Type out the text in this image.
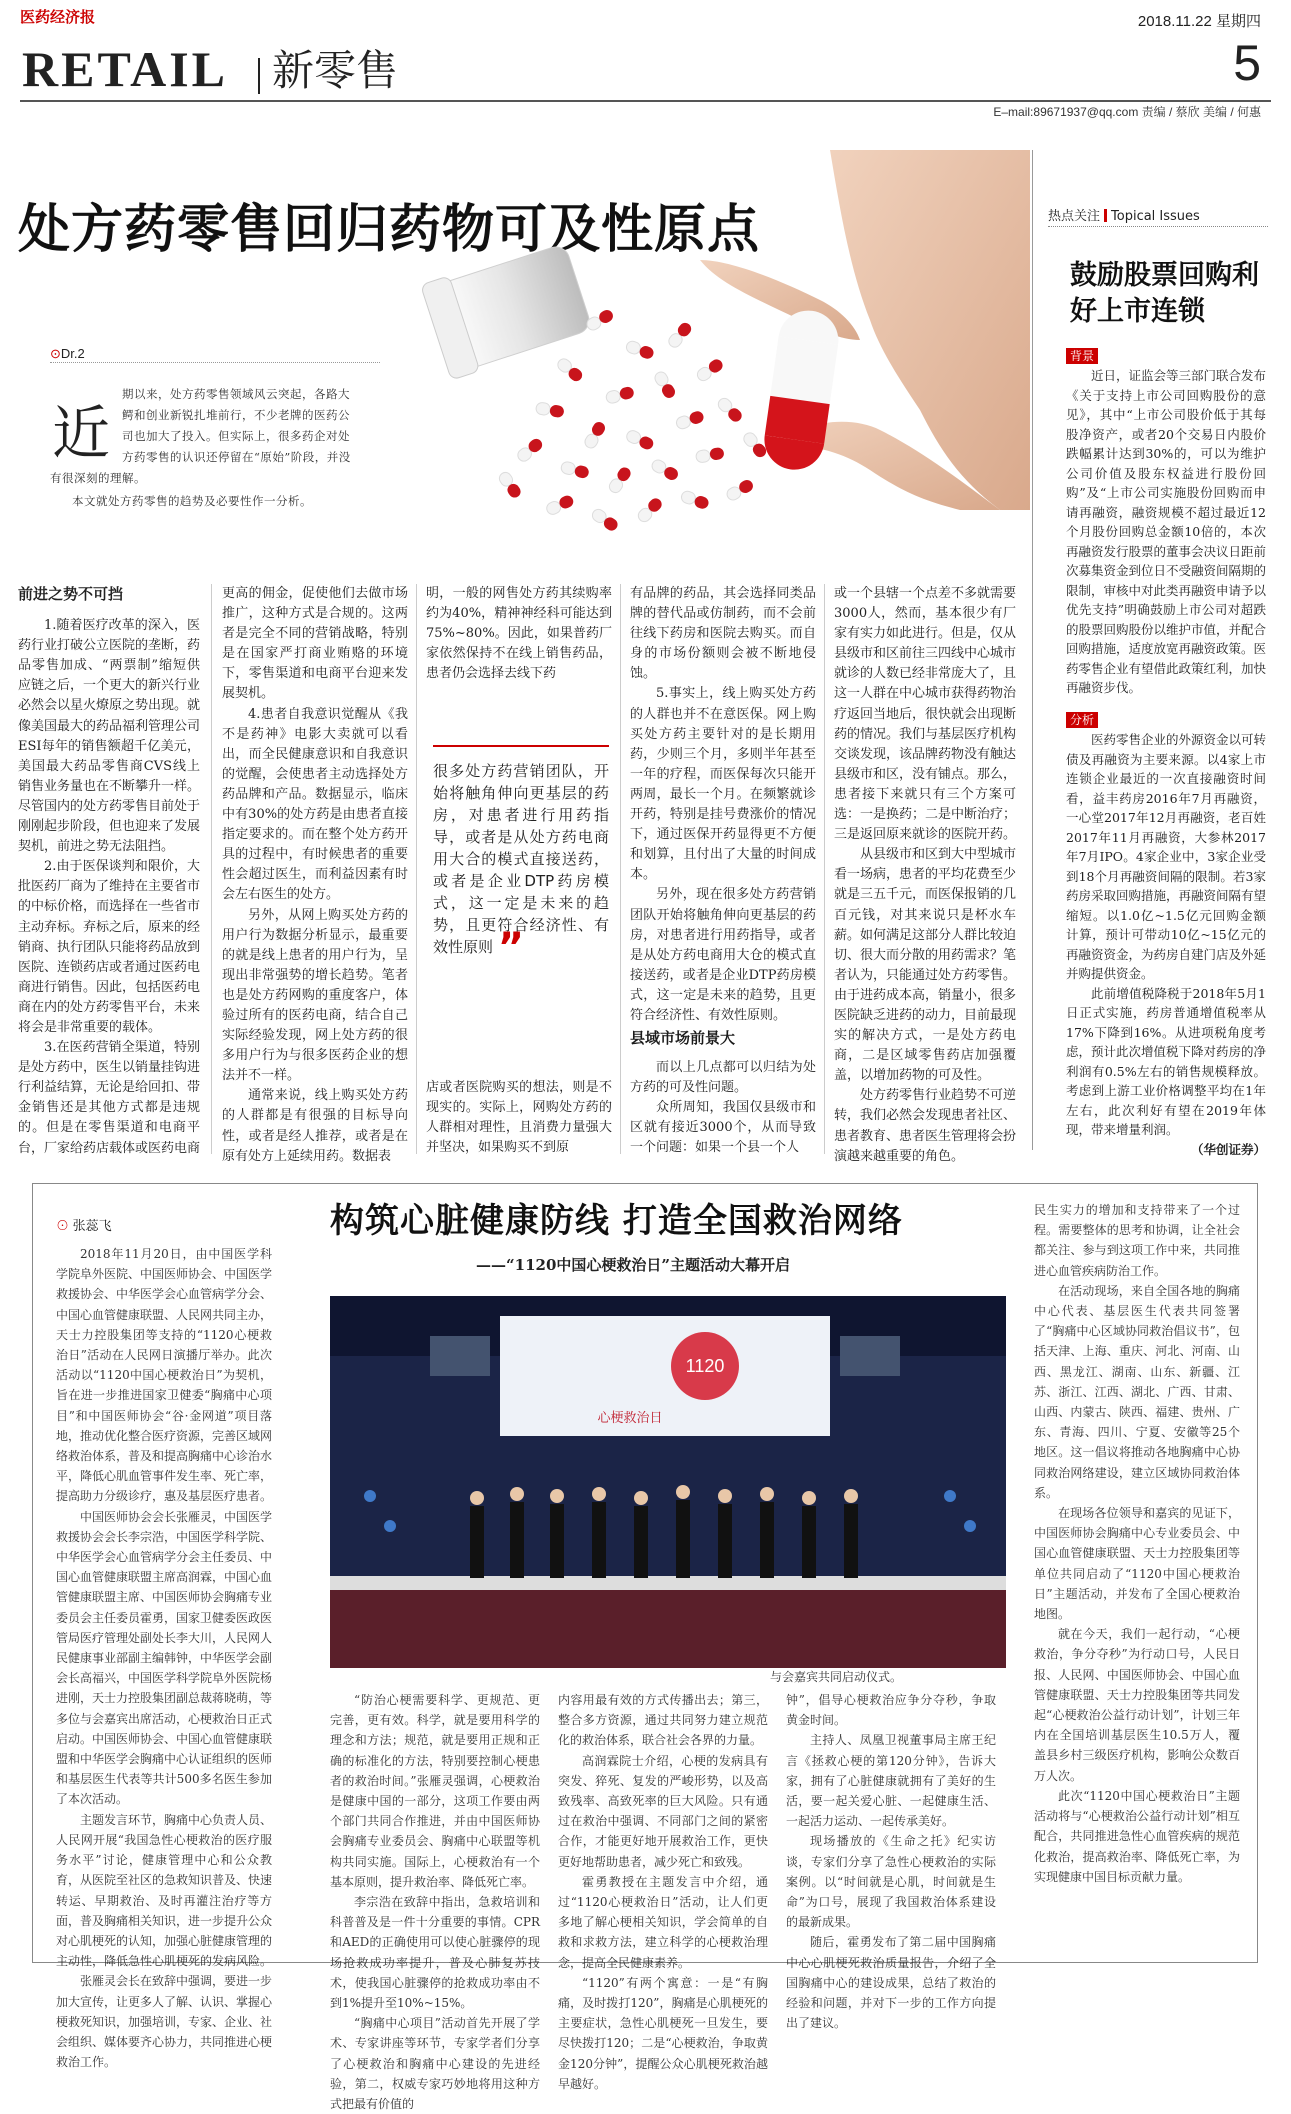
医药经济报	2018.11.22 星期四
RETAIL 新零售	5
E–mail:89671937@qq.com 责编 / 蔡欣 美编 / 何惠
处方药零售回归药物可及性原点
⊙Dr.2
近
期以来，处方药零售领域风云突起，各路大
鳄和创业新锐扎堆前行，不少老牌的医药公
司也加大了投入。但实际上，很多药企对处
方药零售的认识还停留在“原始”阶段，并没
有很深刻的理解。
本文就处方药零售的趋势及必要性作一分析。
前进之势不可挡

1.随着医疗改革的深入，医药行业打破公立医院的垄断，药品零售加成、“两票制”缩短供应链之后，一个更大的新兴行业必然会以星火燎原之势出现。就像美国最大的药品福利管理公司ESI每年的销售额超千亿美元，美国最大药品零售商CVS线上销售业务量也在不断攀升一样。尽管国内的处方药零售目前处于刚刚起步阶段，但也迎来了发展契机，前进之势无法阻挡。

2.由于医保谈判和限价，大批医药厂商为了维持在主要省市的中标价格，而选择在一些省市主动弃标。弃标之后，原来的经销商、执行团队只能将药品放到医院、连锁药店或者通过医药电商进行销售。因此，包括医药电商在内的处方药零售平台，未来将会是非常重要的载体。

3.在医药营销全渠道，特别是处方药中，医生以销量挂钩进行利益结算，无论是给回扣、带金销售还是其他方式都是违规的。但是在零售渠道和电商平台，厂家给药店载体或医药电商

更高的佣金，促使他们去做市场推广，这种方式是合规的。这两者是完全不同的营销战略，特别是在国家严打商业贿赂的环境下，零售渠道和电商平台迎来发展契机。

4.患者自我意识觉醒从《我不是药神》电影大卖就可以看出，而全民健康意识和自我意识的觉醒，会使患者主动选择处方药品牌和产品。数据显示，临床中有30%的处方药是由患者直接指定要求的。而在整个处方药开具的过程中，有时候患者的重要性会超过医生，而利益因素有时会左右医生的处方。

另外，从网上购买处方药的用户行为数据分析显示，最重要的就是线上患者的用户行为，呈现出非常强势的增长趋势。笔者也是处方药网购的重度客户，体验过所有的医药电商，结合自己实际经验发现，网上处方药的很多用户行为与很多医药企业的想法并不一样。

通常来说，线上购买处方药的人群都是有很强的目标导向性，或者是经人推荐，或者是在原有处方上延续用药。数据表

明，一般的网售处方药其续购率约为40%，精神神经科可能达到75%~80%。因此，如果普药厂家依然保持不在线上销售药品，患者仍会选择去线下药

很多处方药营销团队，开始将触角伸向更基层的药房，对患者进行用药指导，或者是从处方药电商用大合的模式直接送药，或者是企业DTP药房模式，这一定是未来的趋势，且更符合经济性、有效性原则 ”

店或者医院购买的想法，则是不现实的。实际上，网购处方药的人群相对理性，且消费力量强大并坚决，如果购买不到原

有品牌的药品，其会选择同类品牌的替代品或仿制药，而不会前往线下药房和医院去购买。而自身的市场份额则会被不断地侵蚀。

5.事实上，线上购买处方药的人群也并不在意医保。网上购买处方药主要针对的是长期用药，少则三个月，多则半年甚至一年的疗程，而医保每次只能开两周，最长一个月。在频繁就诊开药，特别是挂号费涨价的情况下，通过医保开药显得更不方便和划算，且付出了大量的时间成本。

另外，现在很多处方药营销团队开始将触角伸向更基层的药房，对患者进行用药指导，或者是从处方药电商用大仓的模式直接送药，或者是企业DTP药房模式，这一定是未来的趋势，且更符合经济性、有效性原则。

县域市场前景大

而以上几点都可以归结为处方药的可及性问题。

众所周知，我国仅县级市和区就有接近3000个，从而导致一个问题：如果一个县一个人

或一个县辖一个点差不多就需要3000人，然而，基本很少有厂家有实力如此进行。但是，仅从县级市和区前往三四线中心城市就诊的人数已经非常庞大了，且这一人群在中心城市获得药物治疗返回当地后，很快就会出现断药的情况。我们与基层医疗机构交谈发现，该品牌药物没有触达县级市和区，没有铺点。那么，患者接下来就只有三个方案可选：一是换药；二是中断治疗；三是返回原来就诊的医院开药。

从县级市和区到大中型城市看一场病，患者的平均花费至少就是三五千元，而医保报销的几百元钱，对其来说只是杯水车薪。如何满足这部分人群比较迫切、很大而分散的用药需求？笔者认为，只能通过处方药零售。由于进药成本高，销量小，很多医院缺乏进药的动力，目前最现实的解决方式，一是处方药电商，二是区域零售药店加强覆盖，以增加药物的可及性。

处方药零售行业趋势不可逆转，我们必然会发现患者社区、患者教育、患者医生管理将会扮演越来越重要的角色。

热点关注 Topical Issues
鼓励股票回购利好上市连锁
背景

近日，证监会等三部门联合发布《关于支持上市公司回购股份的意见》，其中“上市公司股价低于其每股净资产，或者20个交易日内股价跌幅累计达到30%的，可以为维护公司价值及股东权益进行股份回购”及“上市公司实施股份回购而申请再融资，融资规模不超过最近12个月股份回购总金额10倍的，本次再融资发行股票的董事会决议日距前次募集资金到位日不受融资间隔期的限制，审核中对此类再融资申请予以优先支持”明确鼓励上市公司对超跌的股票回购股份以维护市值，并配合回购措施，适度放宽再融资政策。医药零售企业有望借此政策红利，加快再融资步伐。

分析

医药零售企业的外源资金以可转债及再融资为主要来源。以4家上市连锁企业最近的一次直接融资时间看，益丰药房2016年7月再融资，一心堂2017年12月再融资，老百姓2017年11月再融资，大参林2017年7月IPO。4家企业中，3家企业受到18个月再融资间隔的限制。若3家药房采取回购措施，再融资间隔有望缩短。以1.0亿~1.5亿元回购金额计算，预计可带动10亿~15亿元的再融资资金，为药房自建门店及外延并购提供资金。

此前增值税降税于2018年5月1日正式实施，药房普通增值税率从17%下降到16%。从进项税角度考虑，预计此次增值税下降对药房的净利润有0.5%左右的销售规模释放。考虑到上游工业价格调整平均在1年左右，此次利好有望在2019年体现，带来增量利润。

（华创证券）
⊙ 张蕊飞	构筑心脏健康防线 打造全国救治网络
——“1120中国心梗救治日”主题活动大幕开启

2018年11月20日，由中国医学科学院阜外医院、中国医师协会、中国医学救援协会、中华医学会心血管病学分会、中国心血管健康联盟、人民网共同主办，天士力控股集团等支持的“1120心梗救治日”活动在人民网日演播厅举办。此次活动以“1120中国心梗救治日”为契机，旨在进一步推进国家卫健委“胸痛中心项目”和中国医师协会“谷·金网道”项目落地，推动优化整合医疗资源，完善区域网络救治体系，普及和提高胸痛中心诊治水平，降低心肌血管事件发生率、死亡率，提高助力分级诊疗，惠及基层医疗患者。

中国医师协会会长张雁灵，中国医学救援协会会长李宗浩，中国医学科学院、中华医学会心血管病学分会主任委员、中国心血管健康联盟主席高润霖，中国心血管健康联盟主席、中国医师协会胸痛专业委员会主任委员霍勇，国家卫健委医政医管局医疗管理处副处长李大川，人民网人民健康事业部副主编韩钟，中华医学会副会长高福兴，中国医学科学院阜外医院杨进刚，天士力控股集团副总裁蒋晓萌，等多位与会嘉宾出席活动，心梗救治日正式启动。中国医师协会、中国心血管健康联盟和中华医学会胸痛中心认证组织的医师和基层医生代表等共计500多名医生参加了本次活动。

主题发言环节，胸痛中心负责人员、人民网开展“我国急性心梗救治的医疗服务水平”讨论，健康管理中心和公众教育，从医院至社区的急救知识普及、快速转运、早期救治、及时再灌注治疗等方面，普及胸痛相关知识，进一步提升公众对心肌梗死的认知，加强心脏健康管理的主动性，降低急性心肌梗死的发病风险。

张雁灵会长在致辞中强调，要进一步加大宣传，让更多人了解、认识、掌握心梗救死知识，加强培训，专家、企业、社会组织、媒体要齐心协力，共同推进心梗救治工作。

1120
心梗救治日
与会嘉宾共同启动仪式。

“防治心梗需要科学、更规范、更完善，更有效。科学，就是要用科学的理念和方法；规范，就是要用正规和正确的标准化的方法，特别要控制心梗患者的救治时间。”张雁灵强调，心梗救治是健康中国的一部分，这项工作要由两个部门共同合作推进，并由中国医师协会胸痛专业委员会、胸痛中心联盟等机构共同实施。国际上，心梗救治有一个基本原则，提升救治率、降低死亡率。

李宗浩在致辞中指出，急救培训和科普普及是一件十分重要的事情。CPR和AED的正确使用可以使心脏骤停的现场抢救成功率提升，普及心肺复苏技术，使我国心脏骤停的抢救成功率由不到1%提升至10%~15%。

“胸痛中心项目”活动首先开展了学术、专家讲座等环节，专家学者们分享了心梗救治和胸痛中心建设的先进经验，第二，权威专家巧妙地将用这种方式把最有价值的

内容用最有效的方式传播出去；第三，整合多方资源，通过共同努力建立规范化的救治体系，联合社会各界的力量。

高润霖院士介绍，心梗的发病具有突发、猝死、复发的严峻形势，以及高致残率、高致死率的巨大风险。只有通过在救治中强调、不同部门之间的紧密合作，才能更好地开展救治工作，更快更好地帮助患者，减少死亡和致残。

霍勇教授在主题发言中介绍，通过“1120心梗救治日”活动，让人们更多地了解心梗相关知识，学会简单的自救和求救方法，建立科学的心梗救治理念，提高全民健康素养。

“1120”有两个寓意：一是“有胸痛，及时拨打120”，胸痛是心肌梗死的主要症状，急性心肌梗死一旦发生，要尽快拨打120；二是“心梗救治，争取黄金120分钟”，提醒公众心肌梗死救治越早越好。

钟”，倡导心梗救治应争分夺秒，争取黄金时间。

主持人、凤凰卫视董事局主席王纪言《拯救心梗的第120分钟》，告诉大家，拥有了心脏健康就拥有了美好的生活，要一起关爱心脏、一起健康生活、一起活力运动、一起传承美好。

现场播放的《生命之托》纪实访谈，专家们分享了急性心梗救治的实际案例。以“时间就是心肌，时间就是生命”为口号，展现了我国救治体系建设的最新成果。

随后，霍勇发布了第二届中国胸痛中心心肌梗死救治质量报告，介绍了全国胸痛中心的建设成果，总结了救治的经验和问题，并对下一步的工作方向提出了建议。

民生实力的增加和支持带来了一个过程。需要整体的思考和协调，让全社会都关注、参与到这项工作中来，共同推进心血管疾病防治工作。

在活动现场，来自全国各地的胸痛中心代表、基层医生代表共同签署了“胸痛中心区域协同救治倡议书”，包括天津、上海、重庆、河北、河南、山西、黑龙江、湖南、山东、新疆、江苏、浙江、江西、湖北、广西、甘肃、山西、内蒙古、陕西、福建、贵州、广东、青海、四川、宁夏、安徽等25个地区。这一倡议将推动各地胸痛中心协同救治网络建设，建立区域协同救治体系。

在现场各位领导和嘉宾的见证下，中国医师协会胸痛中心专业委员会、中国心血管健康联盟、天士力控股集团等单位共同启动了“1120中国心梗救治日”主题活动，并发布了全国心梗救治地图。

就在今天，我们一起行动，“心梗救治，争分夺秒”为行动口号，人民日报、人民网、中国医师协会、中国心血管健康联盟、天士力控股集团等共同发起“心梗救治公益行动计划”，计划三年内在全国培训基层医生10.5万人，覆盖县乡村三级医疗机构，影响公众数百万人次。

此次“1120中国心梗救治日”主题活动将与“心梗救治公益行动计划”相互配合，共同推进急性心血管疾病的规范化救治，提高救治率、降低死亡率，为实现健康中国目标贡献力量。
